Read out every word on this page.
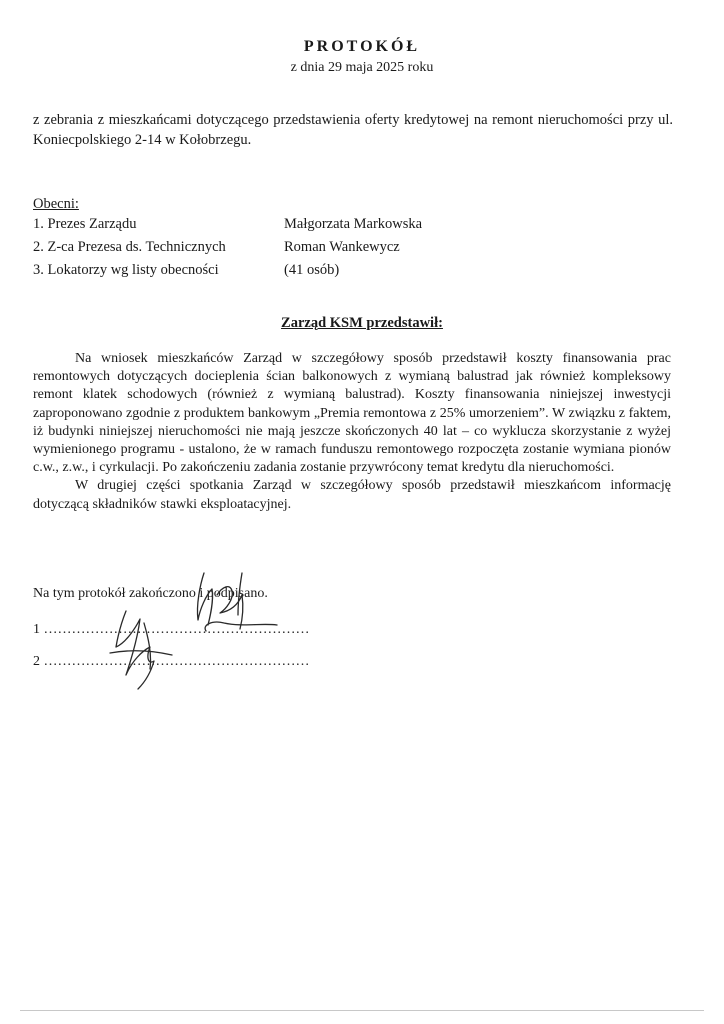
PROTOKÓŁ
z dnia 29 maja 2025 roku
z zebrania z mieszkańcami dotyczącego przedstawienia oferty kredytowej na remont nieruchomości przy ul. Koniecpolskiego 2-14 w Kołobrzegu.
Obecni:
1. Prezes Zarządu	Małgorzata Markowska
2. Z-ca Prezesa ds. Technicznych	Roman Wankewycz
3. Lokatorzy wg listy obecności	(41 osób)
Zarząd KSM przedstawił:

Na wniosek mieszkańców Zarząd w szczegółowy sposób przedstawił koszty finansowania prac remontowych dotyczących docieplenia ścian balkonowych z wymianą balustrad jak również kompleksowy remont klatek schodowych (również z wymianą balustrad). Koszty finansowania niniejszej inwestycji zaproponowano zgodnie z produktem bankowym „Premia remontowa z 25% umorzeniem”. W związku z faktem, iż budynki niniejszej nieruchomości nie mają jeszcze skończonych 40 lat – co wyklucza skorzystanie z wyżej wymienionego programu - ustalono, że w ramach funduszu remontowego rozpoczęta zostanie wymiana pionów c.w., z.w., i cyrkulacji. Po zakończeniu zadania zostanie przywrócony temat kredytu dla nieruchomości.

W drugiej części spotkania Zarząd w szczegółowy sposób przedstawił mieszkańcom informację dotyczącą składników stawki eksploatacyjnej.

Na tym protokół zakończono i podpisano.
1 …………………………………………………
2 …………………………………………………
